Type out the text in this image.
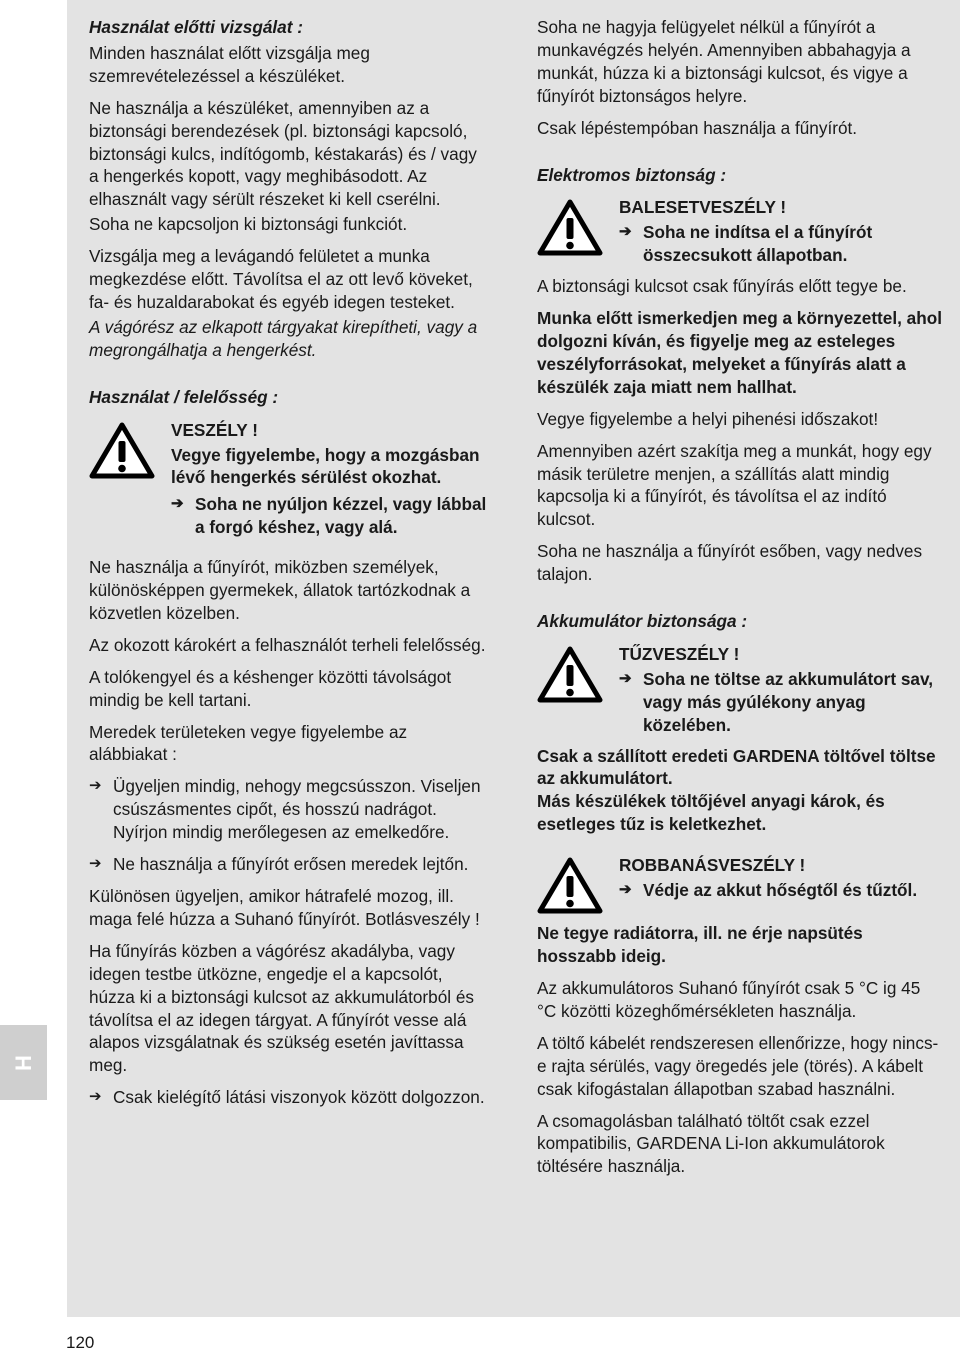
H

Használat előtti vizsgálat :

Minden használat előtt vizsgálja meg szemrevételezéssel a készüléket.

Ne használja a készüléket, amennyiben az a biztonsági berendezések (pl. biztonsági kapcsoló, biztonsági kulcs, indítógomb, késtakarás) és / vagy a hengerkés kopott, vagy meghibásodott. Az elhasznált vagy sérült részeket ki kell cserélni.

Soha ne kapcsoljon ki biztonsági funkciót.

Vizsgálja meg a levágandó felületet a munka megkezdése előtt. Távolítsa el az ott levő köveket, fa- és huzaldarabokat és egyéb idegen testeket.

A vágórész az elkapott tárgyakat kirepítheti, vagy a megrongálhatja a hengerkést.

Használat / felelősség :

VESZÉLY !

Vegye figyelembe, hogy a mozgásban lévő hengerkés sérülést okozhat.

➔ Soha ne nyúljon kézzel, vagy lábbal a forgó késhez, vagy alá.

Ne használja a fűnyírót, miközben személyek, különösképpen gyermekek, állatok tartózkodnak a közvetlen közelben.

Az okozott károkért a felhasználót terheli felelősség.

A tolókengyel és a késhenger közötti távolságot mindig be kell tartani.

Meredek területeken vegye figyelembe az alábbiakat :

➔ Ügyeljen mindig, nehogy megcsússzon. Viseljen csúszásmentes cipőt, és hosszú nadrágot. Nyírjon mindig merőlegesen az emelkedőre.
➔ Ne használja a fűnyírót erősen meredek lejtőn.

Különösen ügyeljen, amikor hátrafelé mozog, ill. maga felé húzza a Suhanó fűnyírót. Botlásveszély !

Ha fűnyírás közben a vágórész akadályba, vagy idegen testbe ütközne, engedje el a kapcsolót, húzza ki a biztonsági kulcsot az akkumulátorból és távolítsa el az idegen tárgyat. A fűnyírót vesse alá alapos vizsgálatnak és szükség esetén javíttassa meg.

➔ Csak kielégítő látási viszonyok között dolgozzon.

Soha ne hagyja felügyelet nélkül a fűnyírót a munkavégzés helyén. Amennyiben abbahagyja a munkát, húzza ki a biztonsági kulcsot, és vigye a fűnyírót biztonságos helyre.

Csak lépéstempóban használja a fűnyírót.

Elektromos biztonság :

BALESETVESZÉLY !

➔ Soha ne indítsa el a fűnyírót összecsukott állapotban.

A biztonsági kulcsot csak fűnyírás előtt tegye be.

Munka előtt ismerkedjen meg a környezettel, ahol dolgozni kíván, és figyelje meg az esteleges veszélyforrásokat, melyeket a fűnyírás alatt a készülék zaja miatt nem hallhat.

Vegye figyelembe a helyi pihenési időszakot!

Amennyiben azért szakítja meg a munkát, hogy egy másik területre menjen, a szállítás alatt mindig kapcsolja ki a fűnyírót, és távolítsa el az indító kulcsot.

Soha ne használja a fűnyírót esőben, vagy nedves talajon.

Akkumulátor biztonsága :

TŰZVESZÉLY !

➔ Soha ne töltse az akkumulátort sav, vagy más gyúlékony anyag közelében.

Csak a szállított eredeti GARDENA töltővel töltse az akkumulátort.

Más készülékek töltőjével anyagi károk, és esetleges tűz is keletkezhet.

ROBBANÁSVESZÉLY !

➔ Védje az akkut hőségtől és tűztől.

Ne tegye radiátorra, ill. ne érje napsütés hosszabb ideig.

Az akkumulátoros Suhanó fűnyírót csak 5 °C ig 45 °C közötti közeghőmérsékleten használja.

A töltő kábelét rendszeresen ellenőrizze, hogy nincs-e rajta sérülés, vagy öregedés jele (törés). A kábelt csak kifogástalan állapotban szabad használni.

A csomagolásban található töltőt csak ezzel kompatibilis, GARDENA Li-Ion akkumulátorok töltésére használja.

120
